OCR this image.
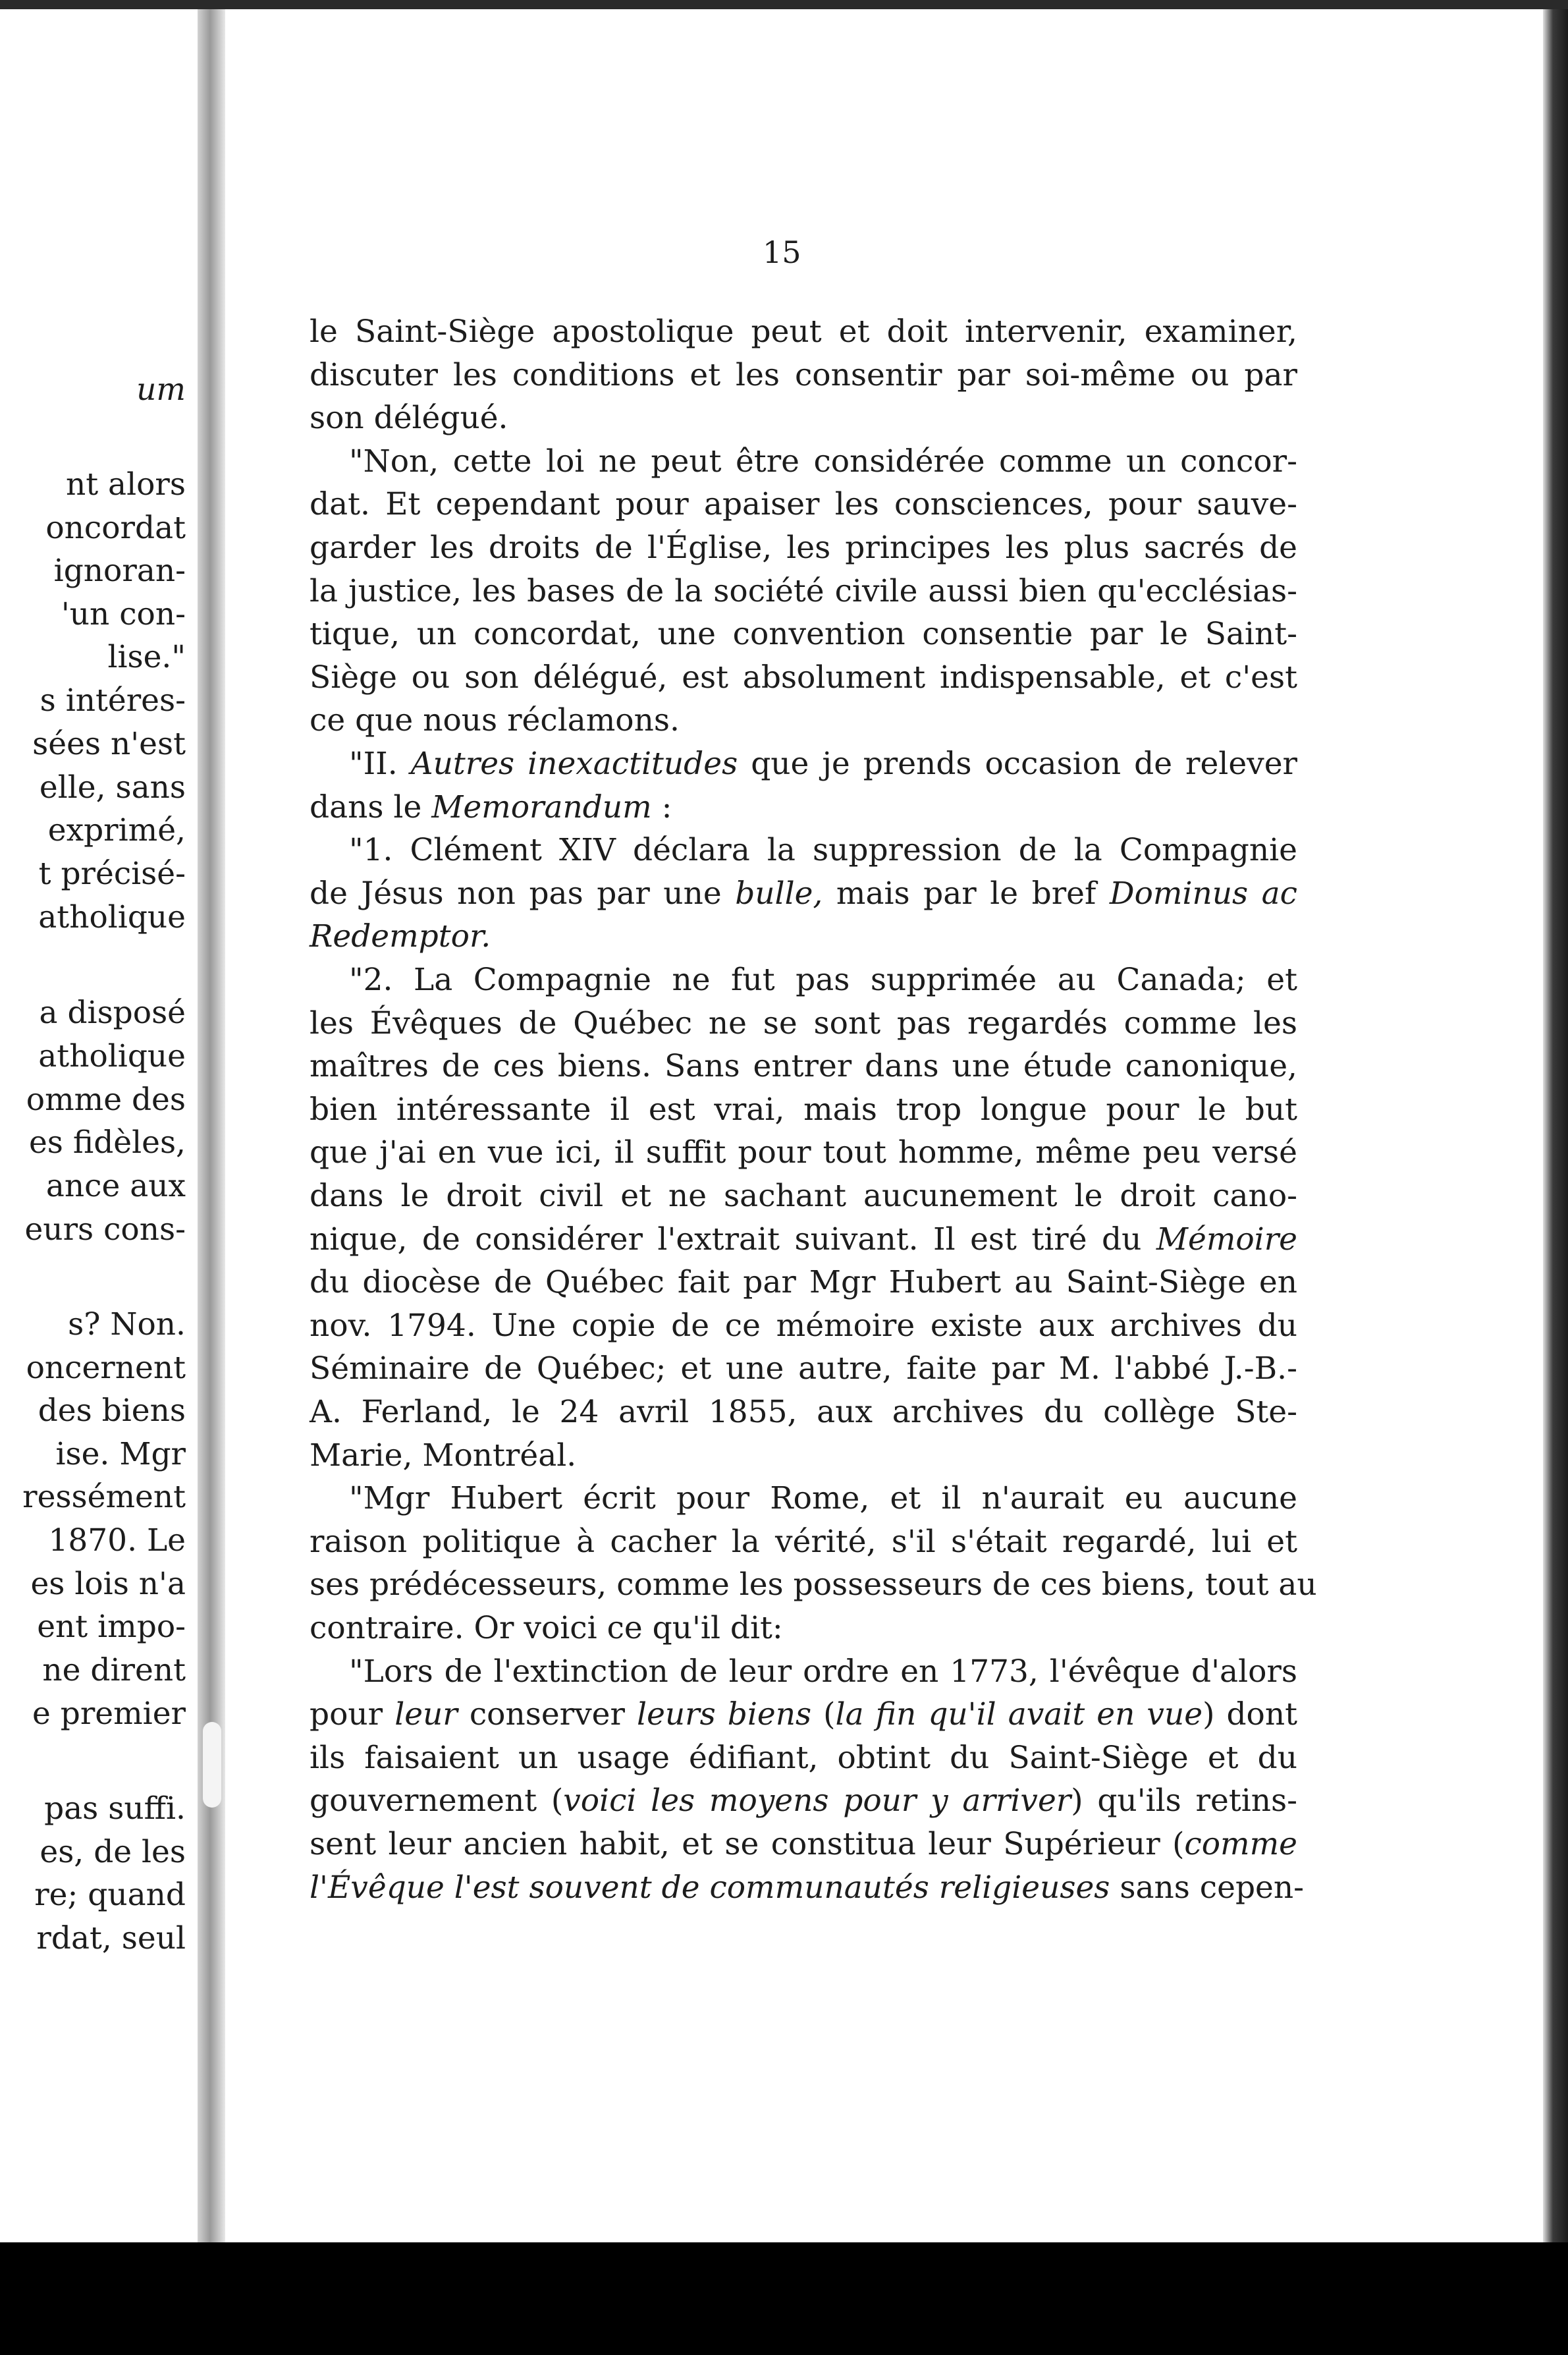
um
nt alors
oncordat
ignoran-
'un con-
lise."
s intéres-
sées n'est
elle, sans
exprimé,
t précisé-
atholique
a disposé
atholique
omme des
es fidèles,
ance aux
eurs cons-
s? Non.
oncernent
des biens
ise. Mgr
ressément
1870. Le
es lois n'a
ent impo-
ne dirent
e premier
pas suffi.
es, de les
re; quand
rdat, seul
15
le Saint-Siège apostolique peut et doit intervenir, examiner,
discuter les conditions et les consentir par soi-même ou par
son délégué.
"Non, cette loi ne peut être considérée comme un concor-
dat. Et cependant pour apaiser les consciences, pour sauve-
garder les droits de l'Église, les principes les plus sacrés de
la justice, les bases de la société civile aussi bien qu'ecclésias-
tique, un concordat, une convention consentie par le Saint-
Siège ou son délégué, est absolument indispensable, et c'est
ce que nous réclamons.
"II. Autres inexactitudes que je prends occasion de relever
dans le Memorandum :
"1. Clément XIV déclara la suppression de la Compagnie
de Jésus non pas par une bulle, mais par le bref Dominus ac
Redemptor.
"2. La Compagnie ne fut pas supprimée au Canada; et
les Évêques de Québec ne se sont pas regardés comme les
maîtres de ces biens. Sans entrer dans une étude canonique,
bien intéressante il est vrai, mais trop longue pour le but
que j'ai en vue ici, il suffit pour tout homme, même peu versé
dans le droit civil et ne sachant aucunement le droit cano-
nique, de considérer l'extrait suivant. Il est tiré du Mémoire
du diocèse de Québec fait par Mgr Hubert au Saint-Siège en
nov. 1794. Une copie de ce mémoire existe aux archives du
Séminaire de Québec; et une autre, faite par M. l'abbé J.-B.-
A. Ferland, le 24 avril 1855, aux archives du collège Ste-
Marie, Montréal.
"Mgr Hubert écrit pour Rome, et il n'aurait eu aucune
raison politique à cacher la vérité, s'il s'était regardé, lui et
ses prédécesseurs, comme les possesseurs de ces biens, tout au
contraire. Or voici ce qu'il dit:
"Lors de l'extinction de leur ordre en 1773, l'évêque d'alors
pour leur conserver leurs biens (la fin qu'il avait en vue) dont
ils faisaient un usage édifiant, obtint du Saint-Siège et du
gouvernement (voici les moyens pour y arriver) qu'ils retins-
sent leur ancien habit, et se constitua leur Supérieur (comme
l'Évêque l'est souvent de communautés religieuses sans cepen-
